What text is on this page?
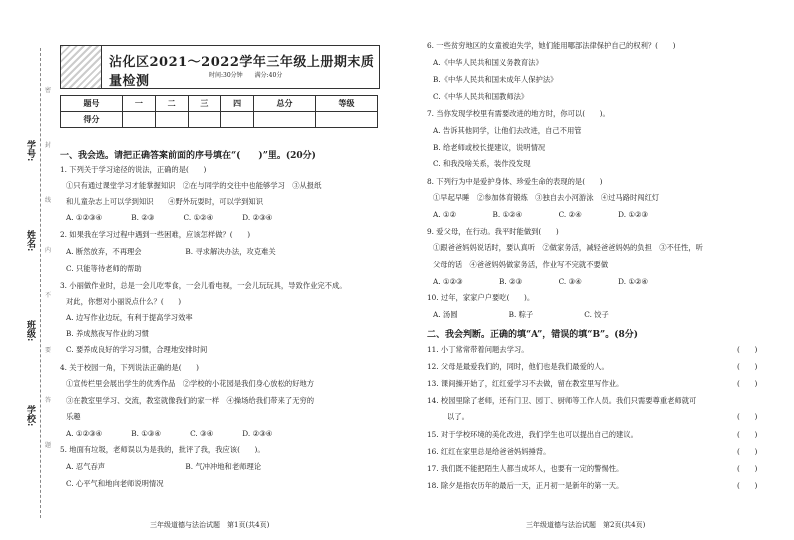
学号:
姓名:
班级:
学校:
密
封
线
内
不
要
答
题
沾化区2021～2022学年三年级上册期末质量检测	时间:30分钟　　满分:40分
题号	一	二	三	四	总分	等级
得分						
一、我会选。请把正确答案前面的序号填在“(　　)”里。(20分)
1. 下列关于学习途径的说法，正确的是(　　)
①只有通过课堂学习才能掌握知识　②在与同学的交往中也能够学习　③从报纸
和儿童杂志上可以学到知识　　④野外玩耍时，可以学到知识
A. ①②③④　　　　B. ②③　　　　C. ①②④　　　　D. ②③④
2. 如果我在学习过程中遇到一些困难，应该怎样做？(　　)
A. 断然放弃，不再理会　　　　　　B. 寻求解决办法，攻克难关
C. 只能等待老师的帮助
3. 小丽做作业时，总是一会儿吃零食，一会儿看电视，一会儿玩玩具，导致作业完不成。
对此，你想对小丽说点什么？(　　)
A. 边写作业边玩，有利于提高学习效率
B. 养成熬夜写作业的习惯
C. 要养成良好的学习习惯，合理地安排时间
4. 关于校园一角，下列说法正确的是(　　)
①宣传栏里会展出学生的优秀作品　②学校的小花园是我们身心放松的好地方
③在教室里学习、交流，教室就像我们的家一样　④操场给我们带来了无穷的
乐趣
A. ①②③④　　　　B. ①③④　　　　C. ③④　　　　D. ②③④
5. 地面有垃圾，老师误以为是我的，批评了我，我应该(　　)。
A. 忍气吞声　　　　　　　　　　　B. 气冲冲地和老师理论
C. 心平气和地向老师说明情况
6. 一些贫穷地区的女童被迫失学，她们能用哪部法律保护自己的权利？(　　)
A.《中华人民共和国义务教育法》
B.《中华人民共和国未成年人保护法》
C.《中华人民共和国教师法》
7. 当你发现学校里有需要改进的地方时，你可以(　　)。
A. 告诉其他同学，让他们去改进，自己不用管
B. 给老师或校长提建议，说明情况
C. 和我没啥关系，装作没发现
8. 下列行为中是爱护身体、珍爱生命的表现的是(　　)
①早起早睡　②参加体育锻炼　③独自去小河游泳　④过马路时闯红灯
A. ①②　　　　　B. ①②④　　　　　C. ②④　　　　　D. ①②③
9. 爱父母，在行动。我平时能做到(　　)
①跟爸爸妈妈说话时，要认真听　②做家务活，减轻爸爸妈妈的负担　③不任性，听
父母的话　④爸爸妈妈做家务活，作业写不完就不要做
A. ①②③　　　　　B. ②③　　　　　C. ③④　　　　　D. ①②④
10. 过年，家家户户要吃(　　)。
A. 汤圆　　　　　　　B. 粽子　　　　　　　C. 饺子
二、我会判断。正确的填“A”，错误的填“B”。(8分)
11. 小丁常常带着问题去学习。	(　　)
12. 父母是最爱我们的，同时，他们也是我们最爱的人。	(　　)
13. 课间操开始了，红红爱学习不去做，留在教室里写作业。	(　　)
14. 校园里除了老师，还有门卫、园丁、厨师等工作人员。我们只需要尊重老师就可
以了。	(　　)
15. 对于学校环境的美化改进，我们学生也可以提出自己的建议。	(　　)
16. 红红在家里总是给爸爸妈妈捶背。	(　　)
17. 我们既不能把陌生人都当成坏人，也要有一定的警惕性。	(　　)
18. 除夕是指农历年的最后一天，正月初一是新年的第一天。	(　　)
三年级道德与法治试题　第1页(共4页)	三年级道德与法治试题　第2页(共4页)
